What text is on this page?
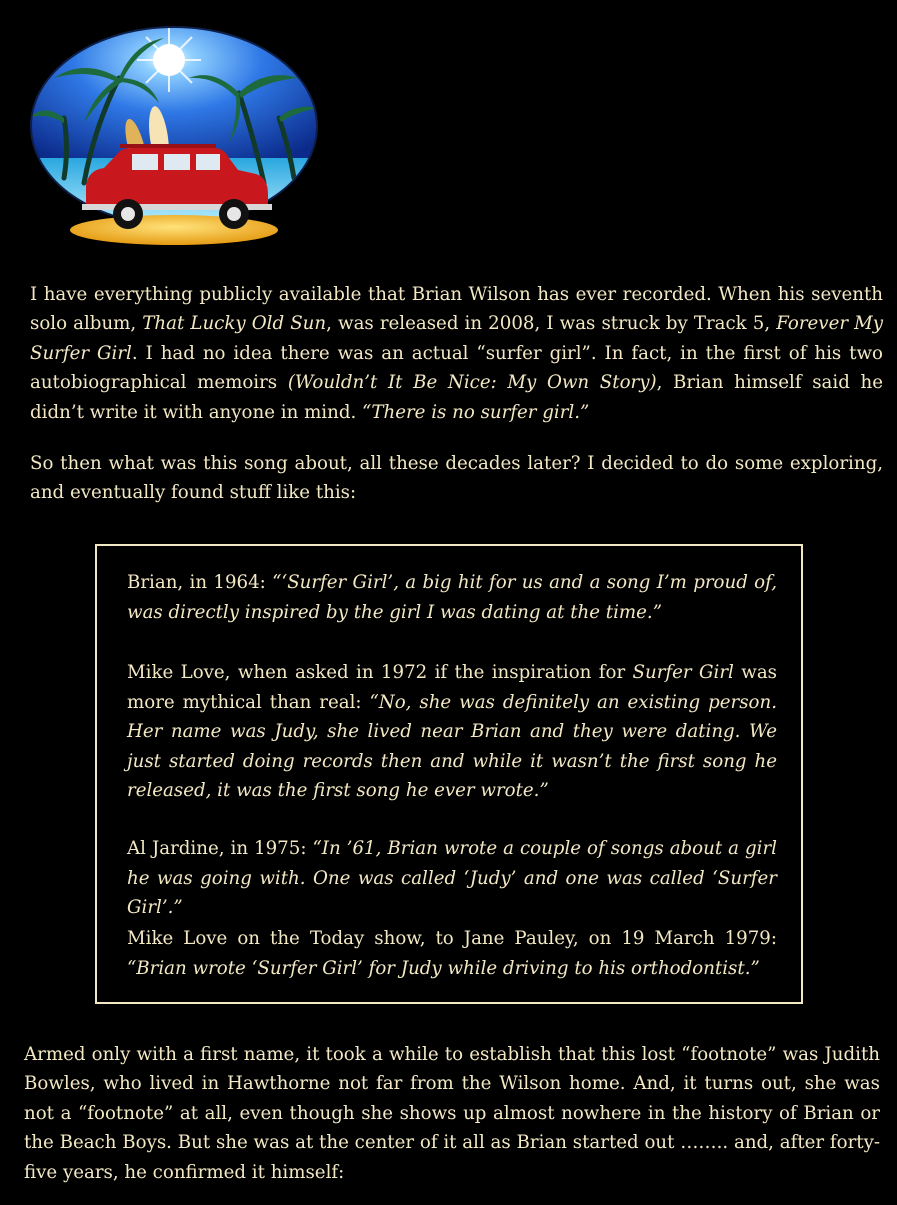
I have everything publicly available that Brian Wilson has ever recorded. When his seventh solo album, That Lucky Old Sun, was released in 2008, I was struck by Track 5, Forever My Surfer Girl. I had no idea there was an actual “surfer girl”. In fact, in the first of his two autobiographical memoirs (Wouldn’t It Be Nice: My Own Story), Brian himself said he didn’t write it with anyone in mind. “There is no surfer girl.”

So then what was this song about, all these decades later? I decided to do some exploring, and eventually found stuff like this:

Brian, in 1964: “‘Surfer Girl’, a big hit for us and a song I’m proud of, was directly inspired by the girl I was dating at the time.”

Mike Love, when asked in 1972 if the inspiration for Surfer Girl was more mythical than real: “No, she was definitely an existing person. Her name was Judy, she lived near Brian and they were dating. We just started doing records then and while it wasn’t the first song he released, it was the first song he ever wrote.”

Al Jardine, in 1975: “In ’61, Brian wrote a couple of songs about a girl he was going with. One was called ‘Judy’ and one was called ‘Surfer Girl’.”

Mike Love on the Today show, to Jane Pauley, on 19 March 1979: “Brian wrote ‘Surfer Girl’ for Judy while driving to his orthodontist.”

Armed only with a first name, it took a while to establish that this lost “footnote” was Judith Bowles, who lived in Hawthorne not far from the Wilson home. And, it turns out, she was not a “footnote” at all, even though she shows up almost nowhere in the history of Brian or the Beach Boys. But she was at the center of it all as Brian started out …….. and, after forty-five years, he confirmed it himself:
